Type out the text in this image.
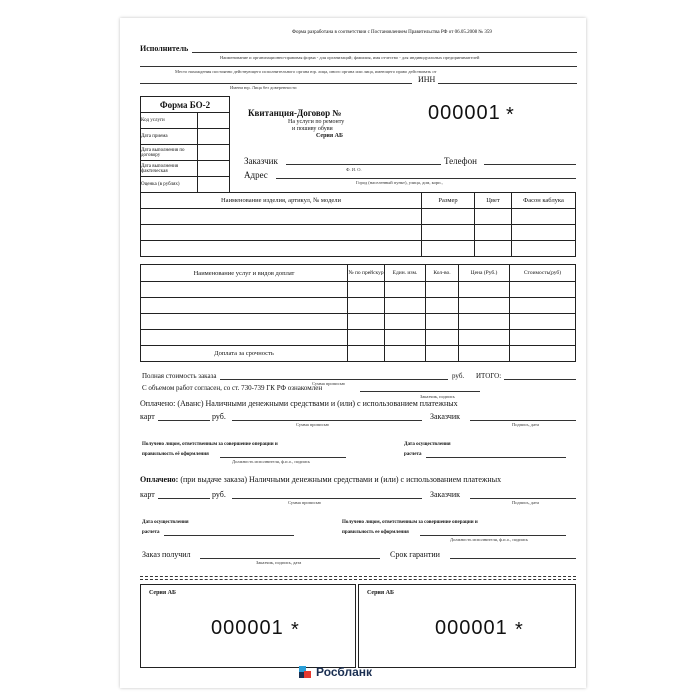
Форма разработана в соответствии с Постановлением Правительства РФ от 06.05.2008 № 359
Исполнитель
Наименование и организационно-правовая форма - для организаций; фамилия, имя отчество - для индивидуальных предпринимателей
Место нахождения постоянно действующего исполнительного органа юр. лица, иного органа или лица, имеющего право действовать от
ИНН
Имени юр. Лица без доверенности
Форма БО-2	
Код услуги	
Дата приема	
Дата выполнения по договору	
Дата выполнения фактическая	
Оценка (в рублях)	
Квитанция-Договор №
На услуги по ремонту
и пошиву обуви
Серия АБ
000001 *
Заказчик	Телефон
Ф. И. О.
Адрес
Город (населенный пункт), улица, дом, корп.,
Наименование изделия, артикул, № модели	Размер	Цвет	Фасон каблука

Наименование услуг и видов доплат	№ по прейскур	Един. изм.	Кол-во.	Цена (Руб.)	Стоимость(руб)

Доплата за срочность					
Полная стоимость заказа
Сумма прописью
руб. ИТОГО:
С объемом работ согласен, со ст. 730-739 ГК РФ ознакомлен
Заказчик, подпись
Оплачено: (Аванс) Наличными денежными средствами и (или) с использованием платежных
карт	руб.
Сумма прописью
Заказчик
Подпись, дата
Получено лицом, ответственным за совершение операции и
правильность её оформления
Должность исполнителя, ф.и.о., подпись
Дата осуществления
расчета
Оплачено: (при выдаче заказа) Наличными денежными средствами и (или) с использованием платежных
карт	руб.
Сумма прописью
Заказчик
Подпись, дата
Дата осуществления
расчета
Получено лицом, ответственным за совершение операции и
правильность ее оформления
Должность исполнителя, ф.и.о., подпись
Заказ получил
Заказчик, подпись, дата
Срок гарантии
Серия АБ
000001 *
Серия АБ
000001 *
Росбланк
